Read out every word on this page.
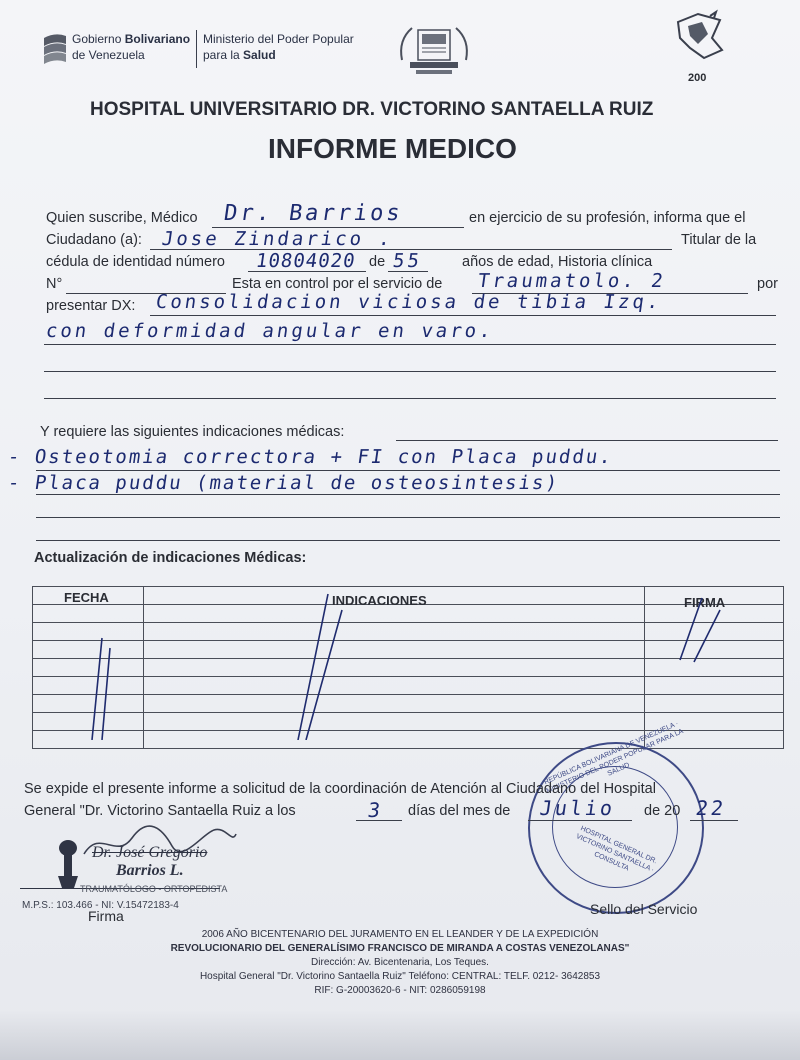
Gobierno Bolivariano
de Venezuela
Ministerio del Poder Popular
para la Salud
200
HOSPITAL UNIVERSITARIO DR. VICTORINO SANTAELLA RUIZ
INFORME MEDICO
Quien suscribe, Médico Dr. Barrios	en ejercicio de su profesión, informa que el
Ciudadano (a): Jose Zindarico .	Titular de la
cédula de identidad número 10804020 de 55	años de edad, Historia clínica
N°	Esta en control por el servicio de Traumatolo. 2	por
presentar DX: Consolidacion viciosa de tibia Izq.
con deformidad angular en varo.
Y requiere las siguientes indicaciones médicas:
- Osteotomia correctora + FI con Placa puddu.
- Placa puddu (material de osteosintesis)
Actualización de indicaciones Médicas:

FECHA	INDICACIONES	FIRMA
REPÚBLICA BOLIVARIANA DE VENEZUELA · MINISTERIO DEL PODER POPULAR PARA LA SALUD
HOSPITAL GENERAL DR. VICTORINO SANTAELLA · CONSULTA
Se expide el presente informe a solicitud de la coordinación de Atención al Ciudadano del Hospital
General "Dr. Victorino Santaella Ruiz a los	3 días del mes de Julio de 20 22
Dr. José Gregorio
Barrios L.
TRAUMATÓLOGO - ORTOPEDISTA
M.P.S.: 103.466 - NI: V.15472183-4
Firma	Sello del Servicio
2006 AÑO BICENTENARIO DEL JURAMENTO EN EL LEANDER Y DE LA EXPEDICIÓN
REVOLUCIONARIO DEL GENERALÍSIMO FRANCISCO DE MIRANDA A COSTAS VENEZOLANAS"
Dirección: Av. Bicentenaria, Los Teques.
Hospital General "Dr. Victorino Santaella Ruiz" Teléfono: CENTRAL: TELF. 0212- 3642853
RIF: G-20003620-6 - NIT: 0286059198
